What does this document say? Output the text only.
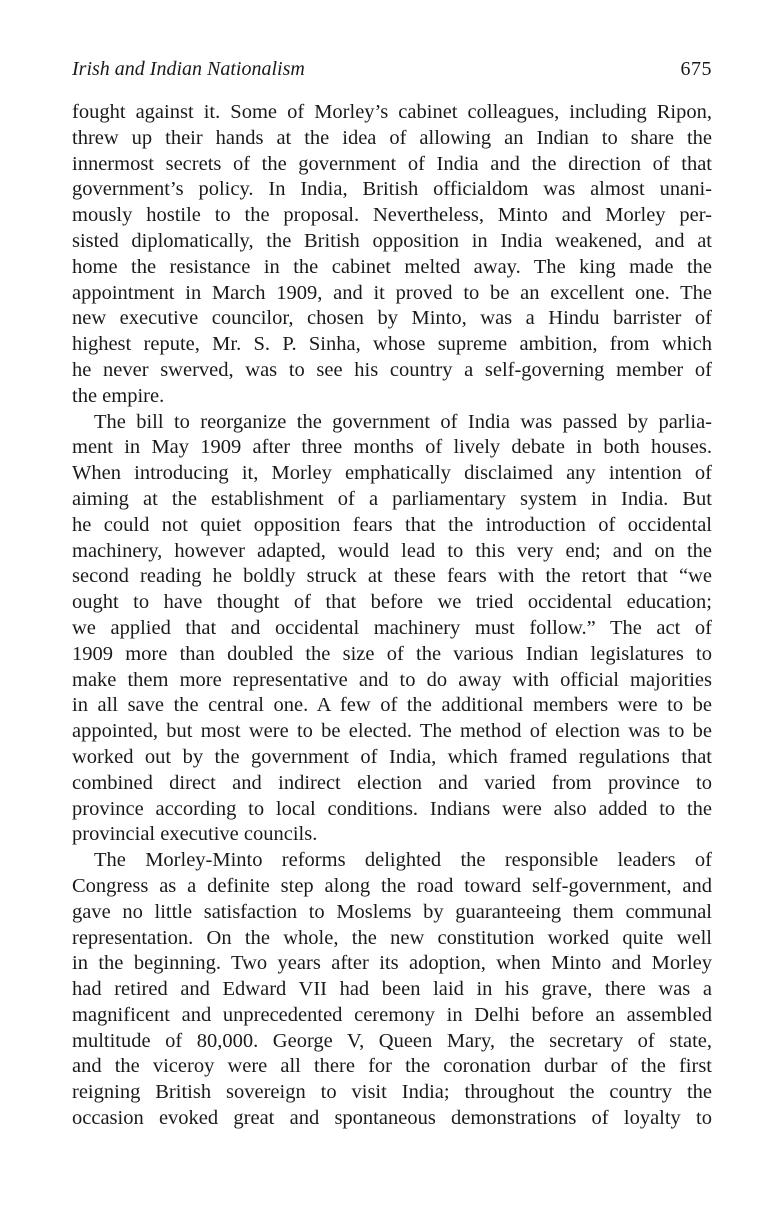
Irish and Indian Nationalism	675
fought against it. Some of Morley’s cabinet colleagues, including Ripon,
threw up their hands at the idea of allowing an Indian to share the
innermost secrets of the government of India and the direction of that
government’s policy. In India, British officialdom was almost unani-
mously hostile to the proposal. Nevertheless, Minto and Morley per-
sisted diplomatically, the British opposition in India weakened, and at
home the resistance in the cabinet melted away. The king made the
appointment in March 1909, and it proved to be an excellent one. The
new executive councilor, chosen by Minto, was a Hindu barrister of
highest repute, Mr. S. P. Sinha, whose supreme ambition, from which
he never swerved, was to see his country a self-governing member of
the empire.
The bill to reorganize the government of India was passed by parlia-
ment in May 1909 after three months of lively debate in both houses.
When introducing it, Morley emphatically disclaimed any intention of
aiming at the establishment of a parliamentary system in India. But
he could not quiet opposition fears that the introduction of occidental
machinery, however adapted, would lead to this very end; and on the
second reading he boldly struck at these fears with the retort that “we
ought to have thought of that before we tried occidental education;
we applied that and occidental machinery must follow.” The act of
1909 more than doubled the size of the various Indian legislatures to
make them more representative and to do away with official majorities
in all save the central one. A few of the additional members were to be
appointed, but most were to be elected. The method of election was to be
worked out by the government of India, which framed regulations that
combined direct and indirect election and varied from province to
province according to local conditions. Indians were also added to the
provincial executive councils.
The Morley-Minto reforms delighted the responsible leaders of
Congress as a definite step along the road toward self-government, and
gave no little satisfaction to Moslems by guaranteeing them communal
representation. On the whole, the new constitution worked quite well
in the beginning. Two years after its adoption, when Minto and Morley
had retired and Edward VII had been laid in his grave, there was a
magnificent and unprecedented ceremony in Delhi before an assembled
multitude of 80,000. George V, Queen Mary, the secretary of state,
and the viceroy were all there for the coronation durbar of the first
reigning British sovereign to visit India; throughout the country the
occasion evoked great and spontaneous demonstrations of loyalty to
